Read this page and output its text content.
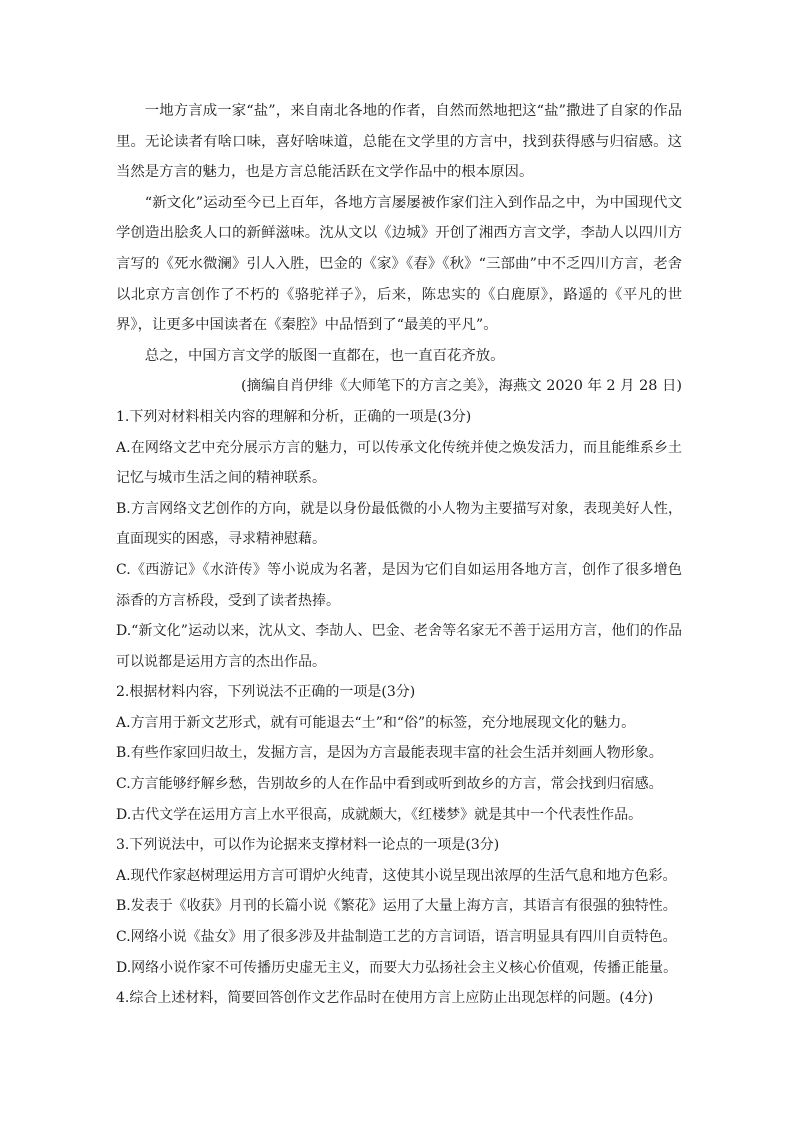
一地方言成一家“盐”，来自南北各地的作者，自然而然地把这“盐”撒进了自家的作品里。无论读者有啥口味，喜好啥味道，总能在文学里的方言中，找到获得感与归宿感。这当然是方言的魅力，也是方言总能活跃在文学作品中的根本原因。

“新文化”运动至今已上百年，各地方言屡屡被作家们注入到作品之中，为中国现代文学创造出脍炙人口的新鲜滋味。沈从文以《边城》开创了湘西方言文学，李劼人以四川方言写的《死水微澜》引人入胜，巴金的《家》《春》《秋》“三部曲”中不乏四川方言，老舍以北京方言创作了不朽的《骆驼祥子》，后来，陈忠实的《白鹿原》，路遥的《平凡的世界》，让更多中国读者在《秦腔》中品悟到了“最美的平凡”。

总之，中国方言文学的版图一直都在，也一直百花齐放。

(摘编自肖伊绯《大师笔下的方言之美》，海燕文 2020 年 2 月 28 日)

1.下列对材料相关内容的理解和分析，正确的一项是(3分)

A.在网络文艺中充分展示方言的魅力，可以传承文化传统并使之焕发活力，而且能维系乡土记忆与城市生活之间的精神联系。

B.方言网络文艺创作的方向，就是以身份最低微的小人物为主要描写对象，表现美好人性，直面现实的困惑，寻求精神慰藉。

C.《西游记》《水浒传》等小说成为名著，是因为它们自如运用各地方言，创作了很多增色添香的方言桥段，受到了读者热捧。

D.“新文化”运动以来，沈从文、李劼人、巴金、老舍等名家无不善于运用方言，他们的作品可以说都是运用方言的杰出作品。

2.根据材料内容，下列说法不正确的一项是(3分)

A.方言用于新文艺形式，就有可能退去“土”和“俗”的标签，充分地展现文化的魅力。

B.有些作家回归故土，发掘方言，是因为方言最能表现丰富的社会生活并刻画人物形象。

C.方言能够纾解乡愁，告别故乡的人在作品中看到或听到故乡的方言，常会找到归宿感。

D.古代文学在运用方言上水平很高，成就颇大，《红楼梦》就是其中一个代表性作品。

3.下列说法中，可以作为论据来支撑材料一论点的一项是(3分)

A.现代作家赵树理运用方言可谓炉火纯青，这使其小说呈现出浓厚的生活气息和地方色彩。

B.发表于《收获》月刊的长篇小说《繁花》运用了大量上海方言，其语言有很强的独特性。

C.网络小说《盐女》用了很多涉及井盐制造工艺的方言词语，语言明显具有四川自贡特色。

D.网络小说作家不可传播历史虚无主义，而要大力弘扬社会主义核心价值观，传播正能量。

4.综合上述材料，简要回答创作文艺作品时在使用方言上应防止出现怎样的问题。(4分)
